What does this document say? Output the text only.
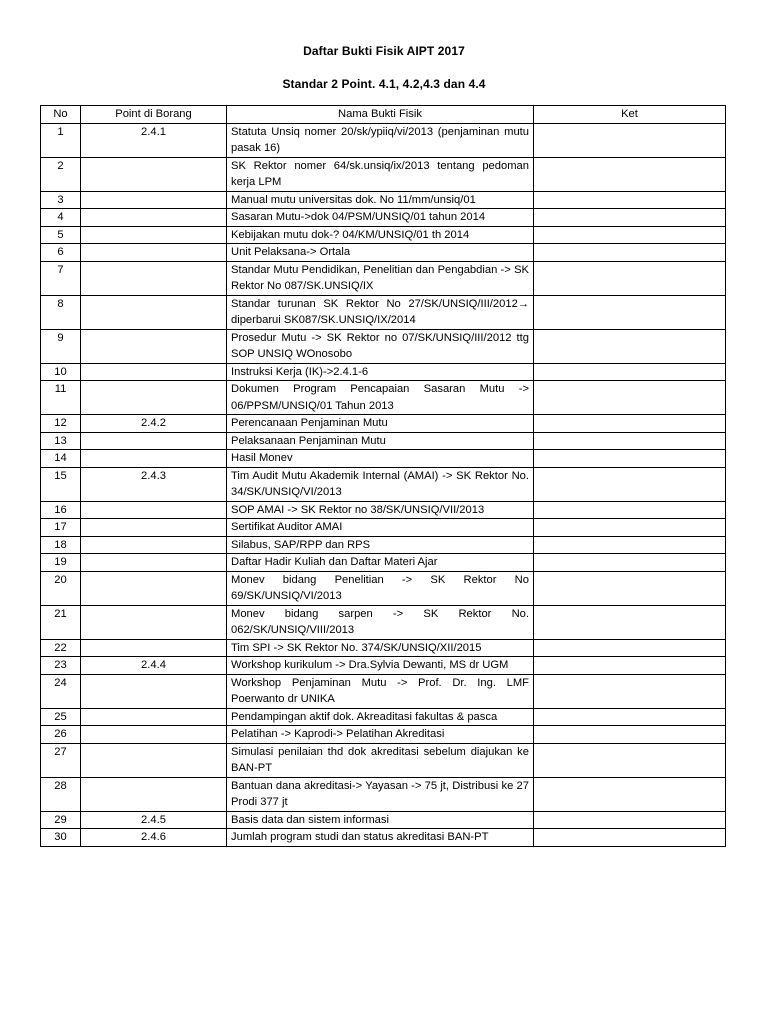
Daftar Bukti Fisik AIPT 2017
Standar 2 Point. 4.1, 4.2,4.3 dan 4.4
No	Point di Borang	Nama Bukti Fisik	Ket
1	2.4.1	Statuta Unsiq nomer 20/sk/ypiiq/vi/2013 (penjaminan mutu pasak 16)	
2		SK Rektor nomer 64/sk.unsiq/ix/2013 tentang pedoman kerja LPM	
3		Manual mutu universitas dok. No 11/mm/unsiq/01	
4		Sasaran Mutu->dok 04/PSM/UNSIQ/01 tahun 2014	
5		Kebijakan mutu dok-? 04/KM/UNSIQ/01 th 2014	
6		Unit Pelaksana-> Ortala	
7		Standar Mutu Pendidikan, Penelitian dan Pengabdian -> SK Rektor No 087/SK.UNSIQ/IX	
8		Standar turunan SK Rektor No 27/SK/UNSIQ/III/2012→ diperbarui SK087/SK.UNSIQ/IX/2014	
9		Prosedur Mutu -> SK Rektor no 07/SK/UNSIQ/III/2012 ttg SOP UNSIQ WOnosobo	
10		Instruksi Kerja (IK)->2.4.1-6	
11		Dokumen Program Pencapaian Sasaran Mutu -> 06/PPSM/UNSIQ/01 Tahun 2013	
12	2.4.2	Perencanaan Penjaminan Mutu	
13		Pelaksanaan Penjaminan Mutu	
14		Hasil Monev	
15	2.4.3	Tim Audit Mutu Akademik Internal (AMAI) -> SK Rektor No. 34/SK/UNSIQ/VI/2013	
16		SOP AMAI -> SK Rektor no 38/SK/UNSIQ/VII/2013	
17		Sertifikat Auditor AMAI	
18		Silabus, SAP/RPP dan RPS	
19		Daftar Hadir Kuliah dan Daftar Materi Ajar	
20		Monev bidang Penelitian -> SK Rektor No 69/SK/UNSIQ/VI/2013	
21		Monev bidang sarpen -> SK Rektor No. 062/SK/UNSIQ/VIII/2013	
22		Tim SPI -> SK Rektor No. 374/SK/UNSIQ/XII/2015	
23	2.4.4	Workshop kurikulum -> Dra.Sylvia Dewanti, MS dr UGM	
24		Workshop Penjaminan Mutu -> Prof. Dr. Ing. LMF Poerwanto dr UNIKA	
25		Pendampingan aktif dok. Akreaditasi fakultas & pasca	
26		Pelatihan -> Kaprodi-> Pelatihan Akreditasi	
27		Simulasi penilaian thd dok akreditasi sebelum diajukan ke BAN-PT	
28		Bantuan dana akreditasi-> Yayasan -> 75 jt, Distribusi ke 27 Prodi 377 jt	
29	2.4.5	Basis data dan sistem informasi	
30	2.4.6	Jumlah program studi dan status akreditasi BAN-PT	
